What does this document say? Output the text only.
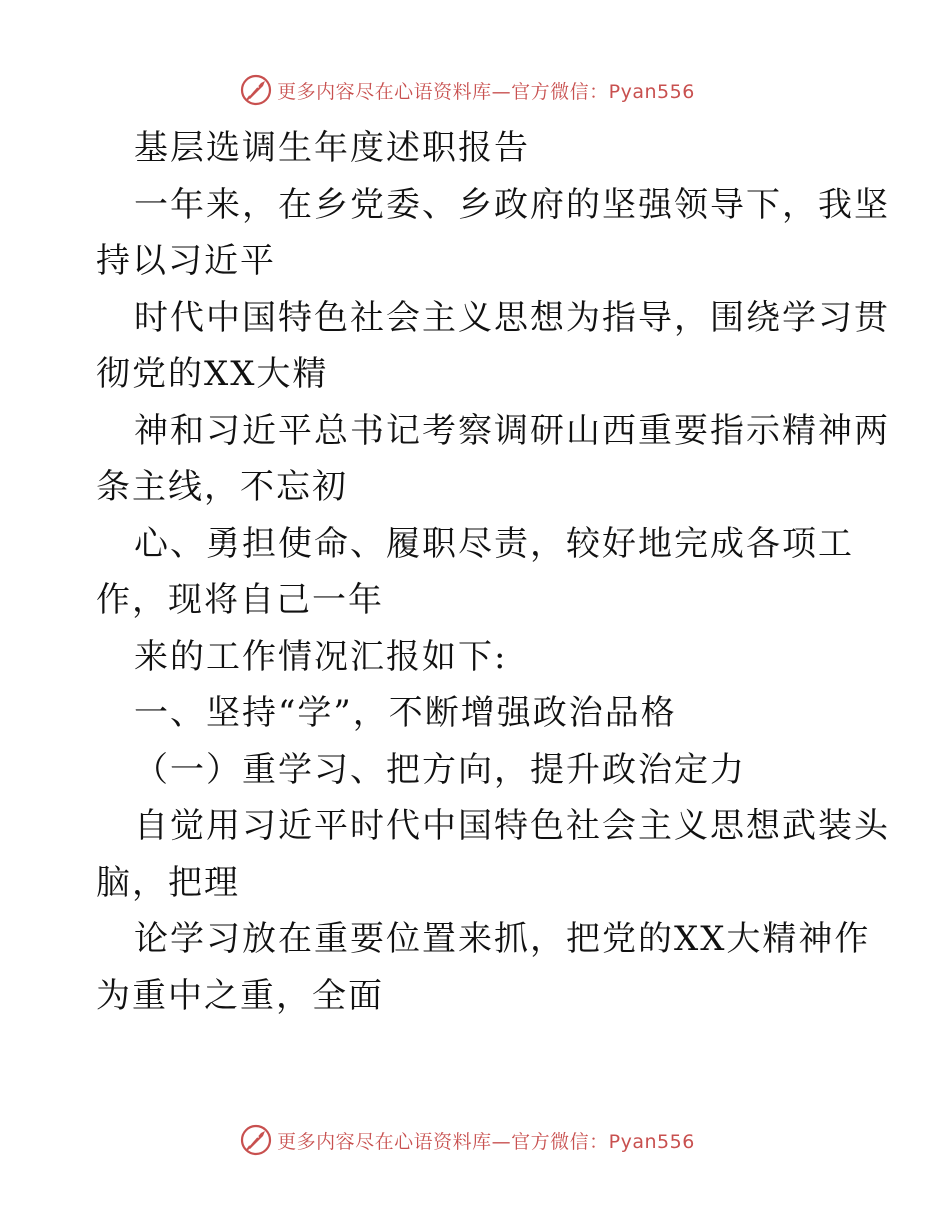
更多内容尽在心语资料库—官方微信：Pyan556
基层选调生年度述职报告
一年来，在乡党委、乡政府的坚强领导下，我坚
持以习近平
时代中国特色社会主义思想为指导，围绕学习贯
彻党的XX大精
神和习近平总书记考察调研山西重要指示精神两
条主线，不忘初
心、勇担使命、履职尽责，较好地完成各项工
作，现将自己一年
来的工作情况汇报如下:
一、坚持“学”，不断增强政治品格
（一）重学习、把方向，提升政治定力
自觉用习近平时代中国特色社会主义思想武装头
脑，把理
论学习放在重要位置来抓，把党的XX大精神作
为重中之重，全面
更多内容尽在心语资料库—官方微信：Pyan556
